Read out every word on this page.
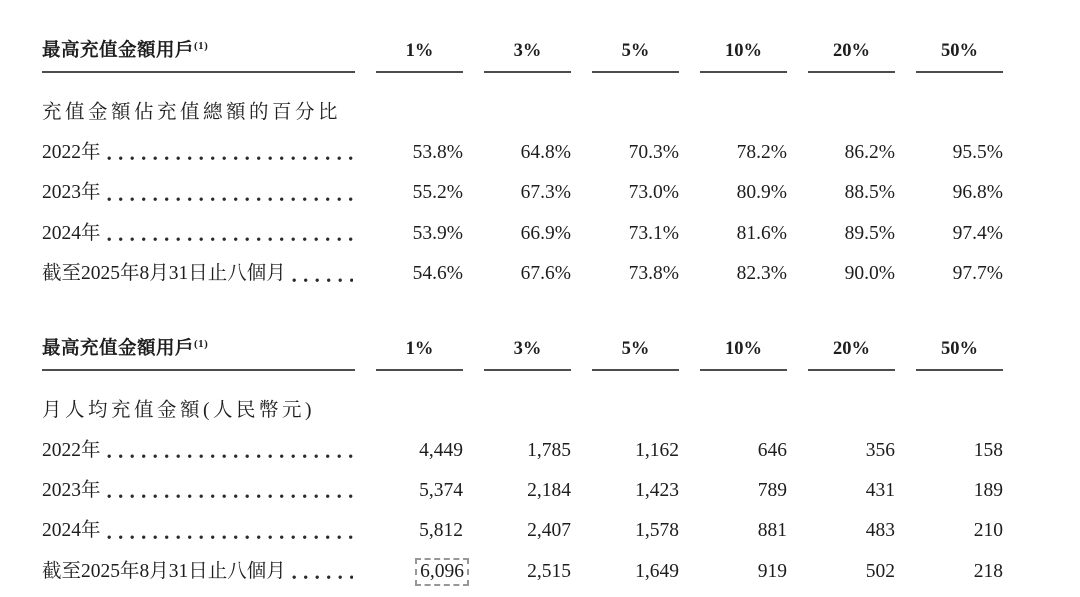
最高充值金額用戶$^{(1)}$	1%	3%	5%	10%	20%	50%
充值金額佔充值總額的百分比
2022年	53.8%	64.8%	70.3%	78.2%	86.2%	95.5%
2023年	55.2%	67.3%	73.0%	80.9%	88.5%	96.8%
2024年	53.9%	66.9%	73.1%	81.6%	89.5%	97.4%
截至2025年8月31日止八個月	54.6%	67.6%	73.8%	82.3%	90.0%	97.7%
最高充值金額用戶$^{(1)}$	1%	3%	5%	10%	20%	50%
月人均充值金額(人民幣元)
2022年	4,449	1,785	1,162	646	356	158
2023年	5,374	2,184	1,423	789	431	189
2024年	5,812	2,407	1,578	881	483	210
截至2025年8月31日止八個月	6,096	2,515	1,649	919	502	218
